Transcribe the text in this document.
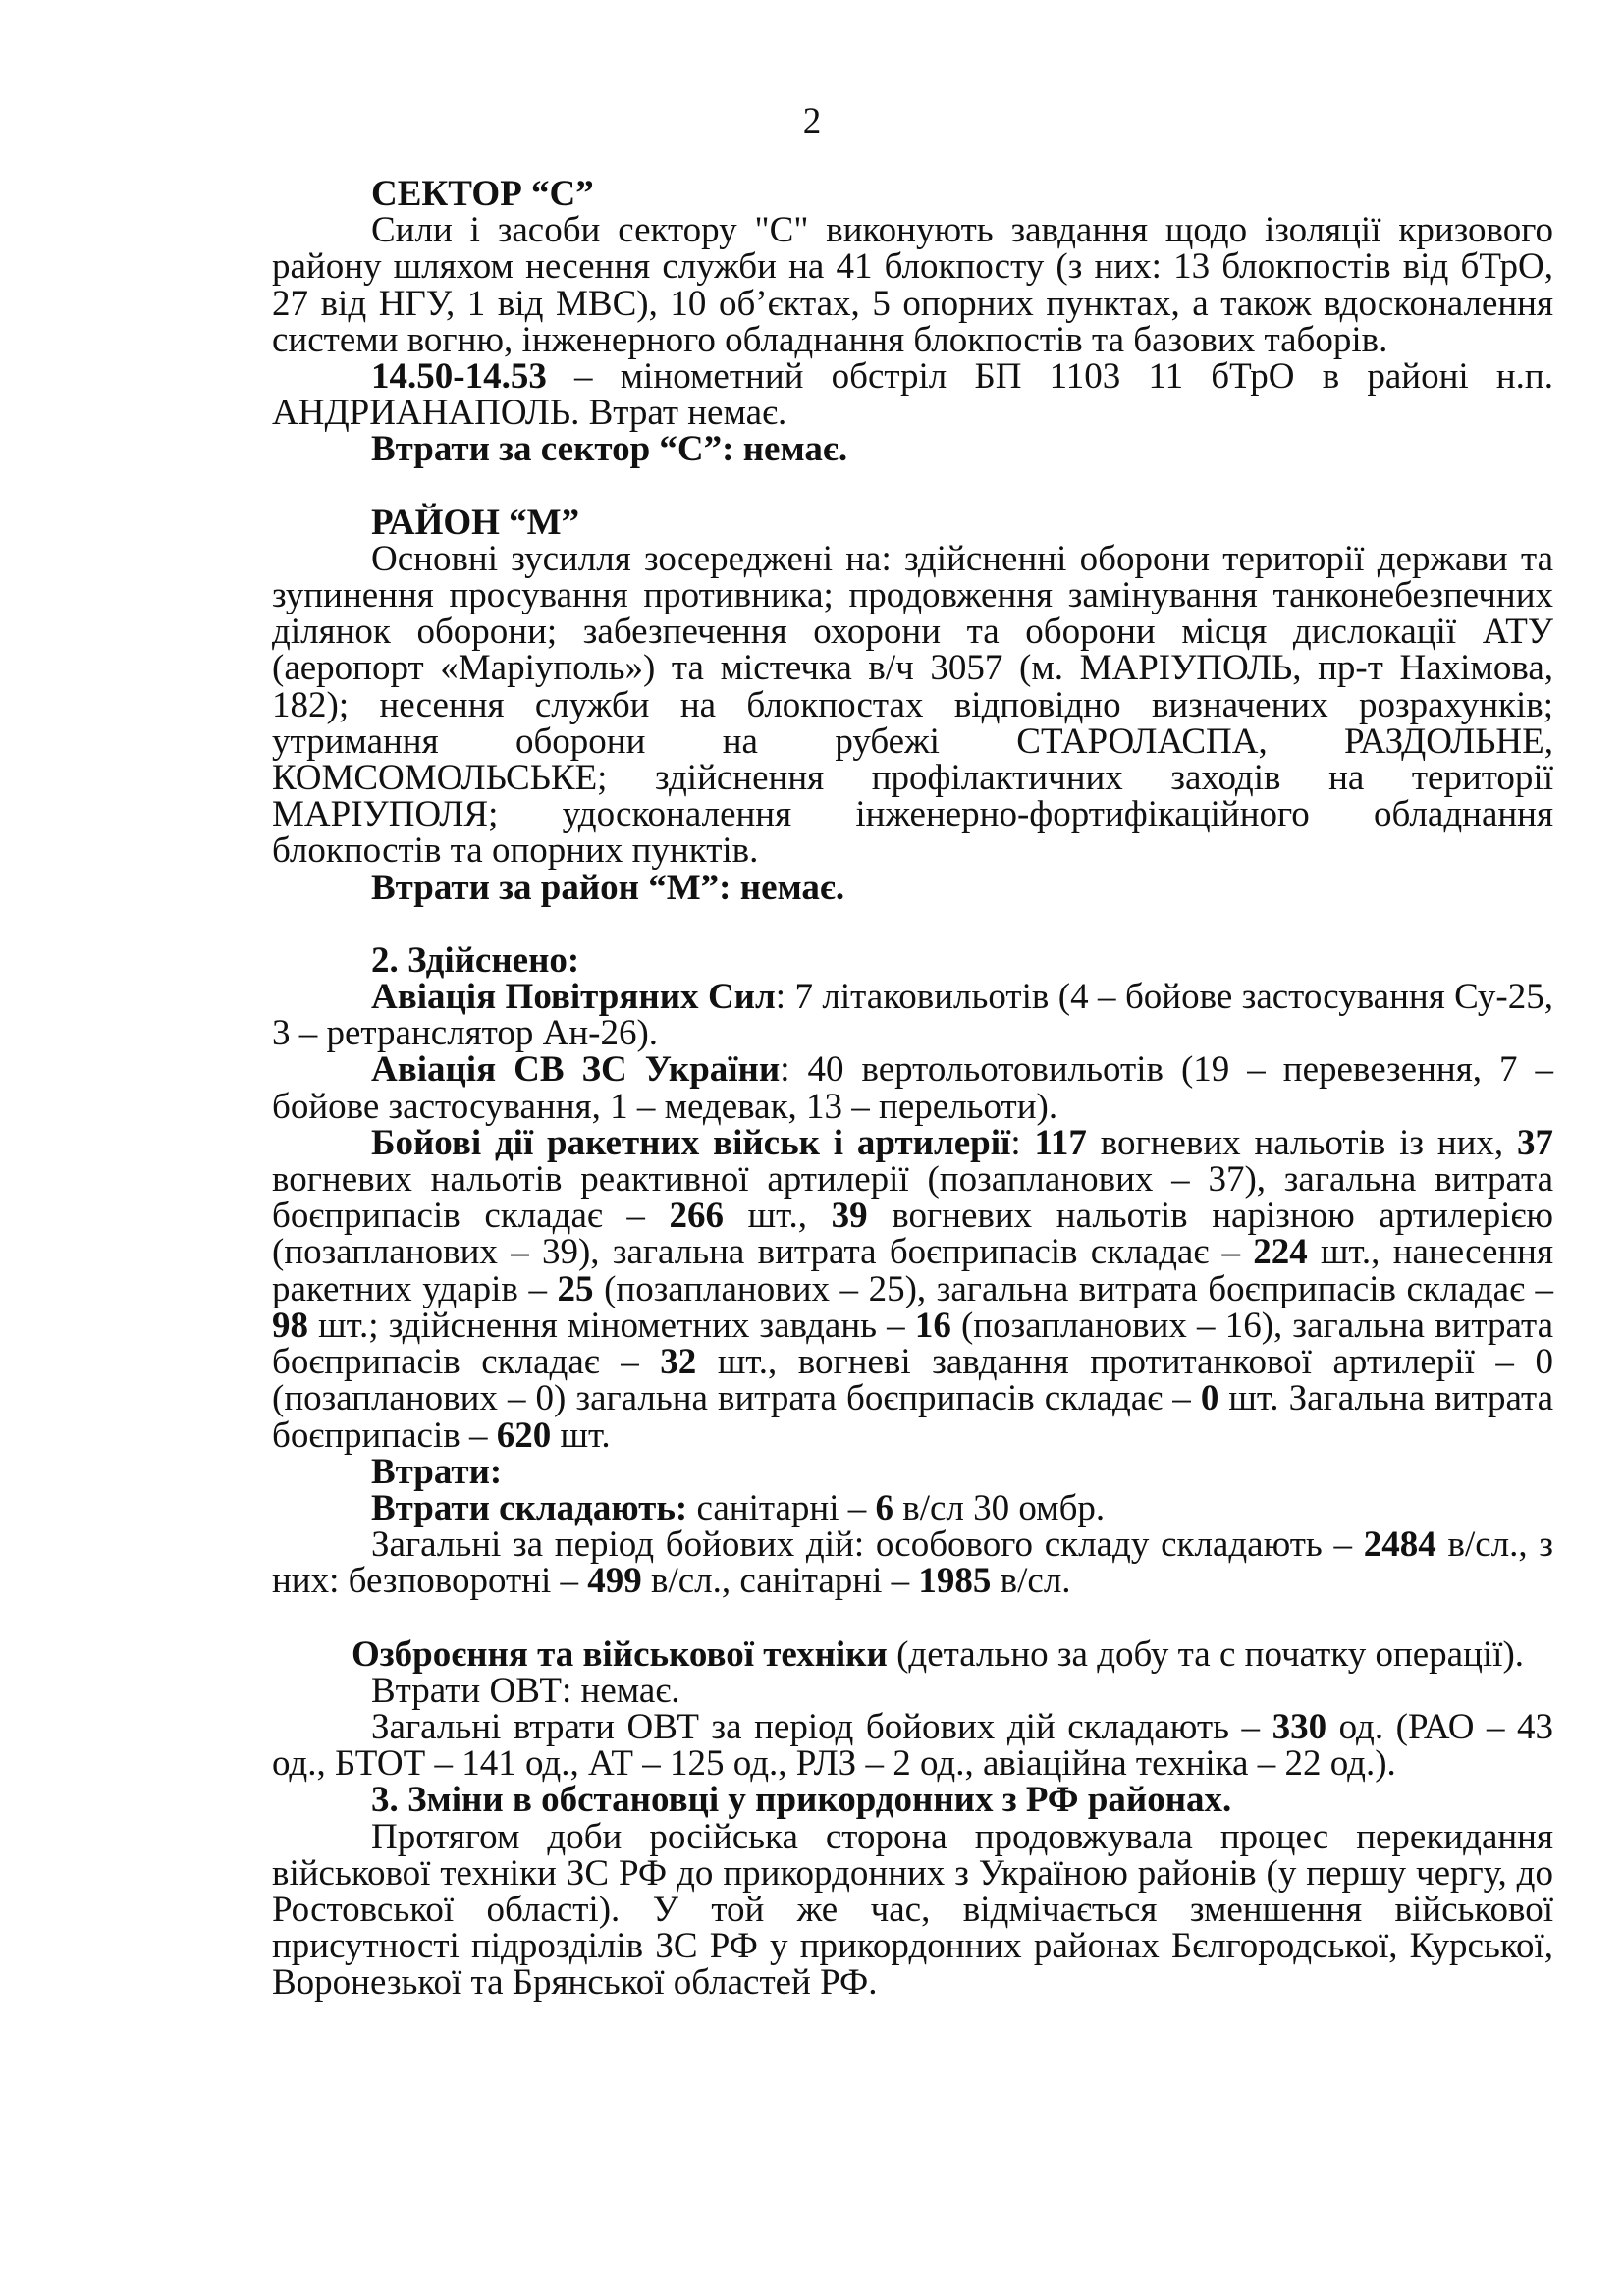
2

СЕКТОР “С”

Сили і засоби сектору "С" виконують завдання щодо ізоляції кризового району шляхом несення служби на 41 блокпосту (з них: 13 блокпостів від бТрО, 27 від НГУ, 1 від МВС), 10 об’єктах, 5 опорних пунктах, а також вдосконалення системи вогню, інженерного обладнання блокпостів та базових таборів.

14.50-14.53 – мінометний обстріл БП 1103 11 бТрО в районі н.п. АНДРИАНАПОЛЬ. Втрат немає.

Втрати за сектор “С”: немає.

РАЙОН “М”

Основні зусилля зосереджені на: здійсненні оборони території держави та зупинення просування противника; продовження замінування танконебезпечних ділянок оборони; забезпечення охорони та оборони місця дислокації АТУ (аеропорт «Маріуполь») та містечка в/ч 3057 (м. МАРІУПОЛЬ, пр-т Нахімова, 182); несення служби на блокпостах відповідно визначених розрахунків; утримання оборони на рубежі СТАРОЛАСПА, РАЗДОЛЬНЕ, КОМСОМОЛЬСЬКЕ; здійснення профілактичних заходів на території МАРІУПОЛЯ; удосконалення інженерно-фортифікаційного обладнання блокпостів та опорних пунктів.

Втрати за район “М”: немає.

2. Здійснено:

Авіація Повітряних Сил: 7 літаковильотів (4 – бойове застосування Су-25, 3 – ретранслятор Ан-26).

Авіація СВ ЗС України: 40 вертольотовильотів (19 – перевезення, 7 – бойове застосування, 1 – медевак, 13 – перельоти).

Бойові дії ракетних військ і артилерії: 117 вогневих нальотів із них, 37 вогневих нальотів реактивної артилерії (позапланових – 37), загальна витрата боєприпасів складає – 266 шт., 39 вогневих нальотів нарізною артилерією (позапланових – 39), загальна витрата боєприпасів складає – 224 шт., нанесення ракетних ударів – 25 (позапланових – 25), загальна витрата боєприпасів складає – 98 шт.; здійснення мінометних завдань – 16 (позапланових – 16), загальна витрата боєприпасів складає – 32 шт., вогневі завдання протитанкової артилерії – 0 (позапланових – 0) загальна витрата боєприпасів складає – 0 шт. Загальна витрата боєприпасів – 620 шт.

Втрати:

Втрати складають: санітарні – 6 в/сл 30 омбр.

Загальні за період бойових дій: особового складу складають – 2484 в/сл., з них: безповоротні – 499 в/сл., санітарні – 1985 в/сл.

Озброєння та військової техніки (детально за добу та с початку операції).

Втрати ОВТ: немає.

Загальні втрати ОВТ за період бойових дій складають – 330 од. (РАО – 43 од., БТОТ – 141 од., АТ – 125 од., РЛЗ – 2 од., авіаційна техніка – 22 од.).

3. Зміни в обстановці у прикордонних з РФ районах.

Протягом доби російська сторона продовжувала процес перекидання військової техніки ЗС РФ до прикордонних з Україною районів (у першу чергу, до Ростовської області). У той же час, відмічається зменшення військової присутності підрозділів ЗС РФ у прикордонних районах Бєлгородської, Курської, Воронезької та Брянської областей РФ.
